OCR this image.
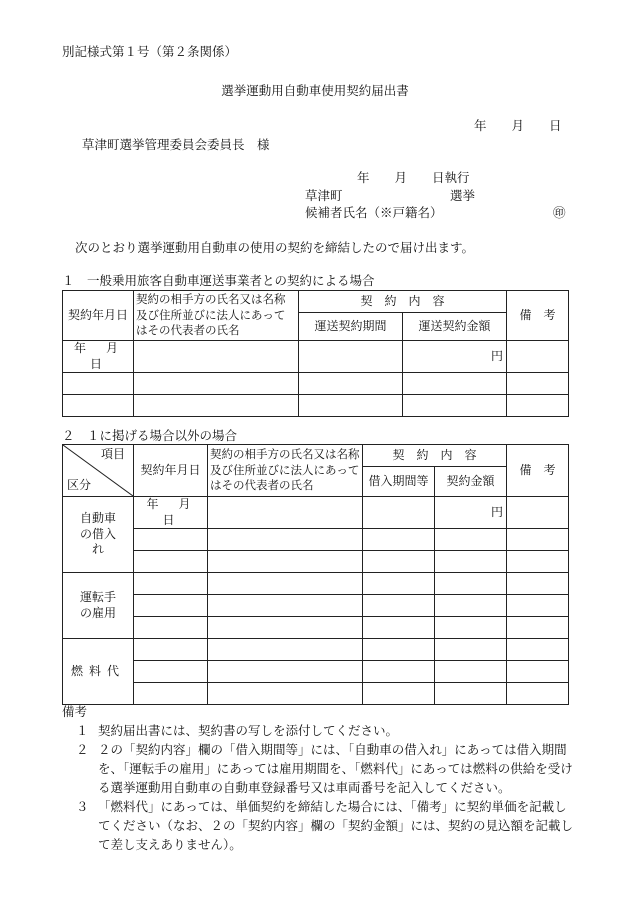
別記様式第１号（第２条関係）
選挙運動用自動車使用契約届出書
年　　月　　日
草津町選挙管理委員会委員長　様
年　　月　　日執行
草津町	選挙
候補者氏名（※戸籍名）	㊞
次のとおり選挙運動用自動車の使用の契約を締結したので届け出ます。
１　一般乗用旅客自動車運送事業者との契約による場合
契約年月日	契約の相手方の氏名又は名称及び住所並びに法人にあってはその代表者の氏名	契　約　内　容		備　考
		運送契約期間	運送契約金額	
年　月　日			円	

２　１に掲げる場合以外の場合
項目
区分	契約年月日	契約の相手方の氏名又は名称及び住所並びに法人にあってはその代表者の氏名	契　約　内　容		備　考
			借入期間等	契約金額	
自動車の借入れ	年　月　日			円	

運転手の雇用					

燃料代					

備考
１ 契約届出書には、契約書の写しを添付してください。
２ ２の「契約内容」欄の「借入期間等」には、「自動車の借入れ」にあっては借入期間を、「運転手の雇用」にあっては雇用期間を、「燃料代」にあっては燃料の供給を受ける選挙運動用自動車の自動車登録番号又は車両番号を記入してください。
３ 「燃料代」にあっては、単価契約を締結した場合には、「備考」に契約単価を記載してください（なお、２の「契約内容」欄の「契約金額」には、契約の見込額を記載して差し支えありません）。
